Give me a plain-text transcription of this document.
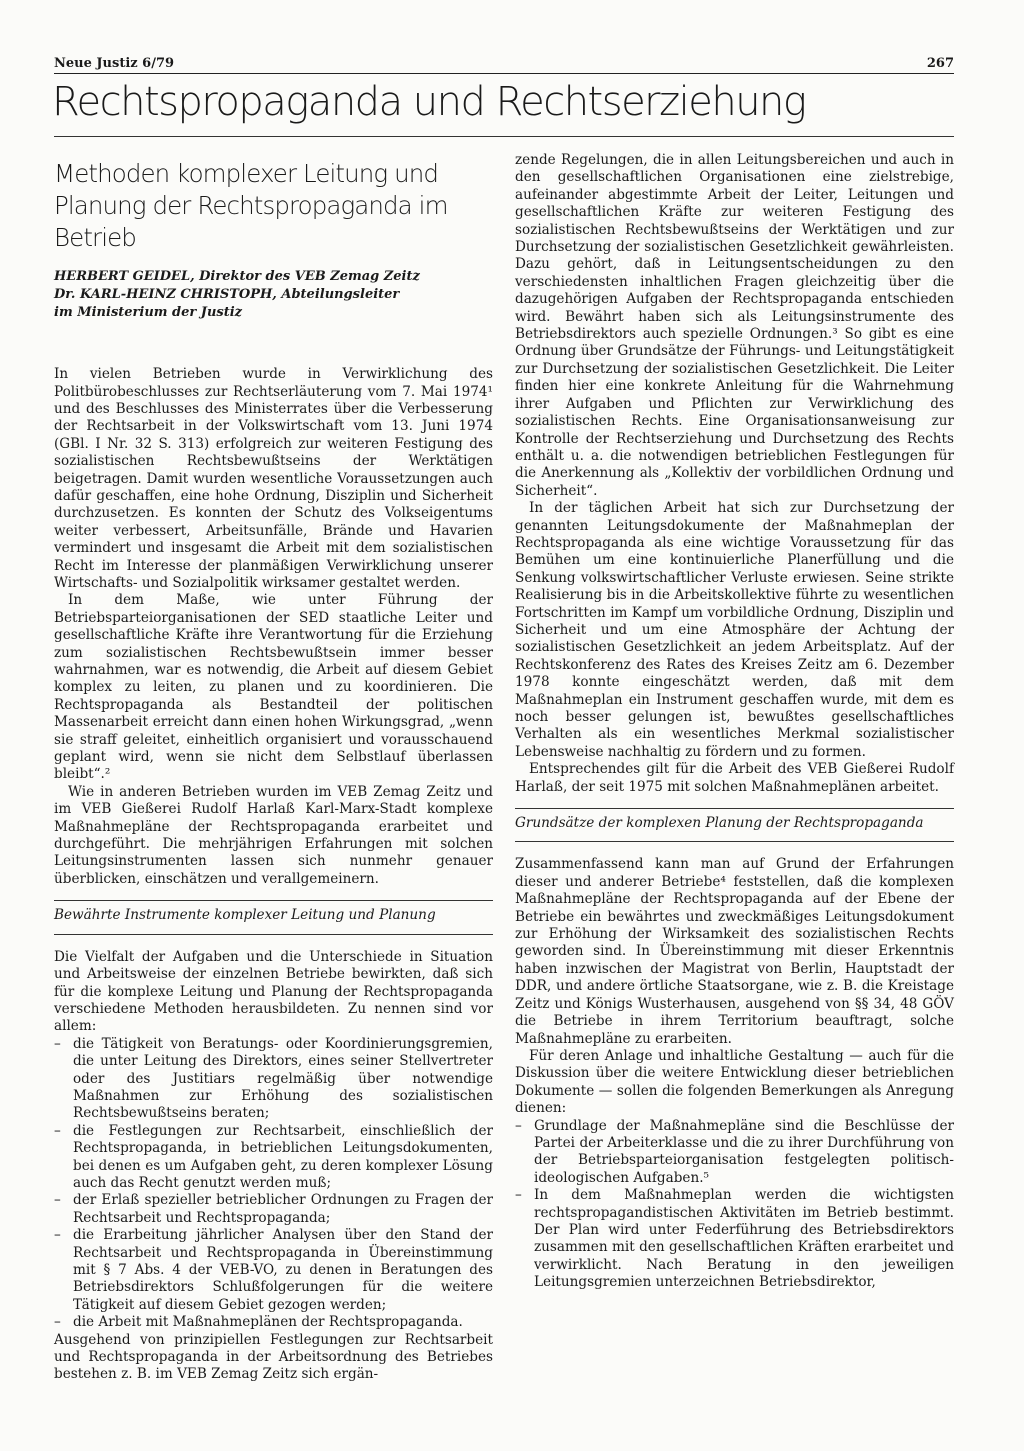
Neue Justiz 6/79	267
Rechtspropaganda und Rechtserziehung
Methoden komplexer Leitung und Planung der Rechtspropaganda im Betrieb
HERBERT GEIDEL, Direktor des VEB Zemag Zeitz
Dr. KARL-HEINZ CHRISTOPH, Abteilungsleiter
im Ministerium der Justiz

In vielen Betrieben wurde in Verwirklichung des Politbürobeschlusses zur Rechtserläuterung vom 7. Mai 1974¹ und des Beschlusses des Ministerrates über die Verbesserung der Rechtsarbeit in der Volkswirtschaft vom 13. Juni 1974 (GBl. I Nr. 32 S. 313) erfolgreich zur weiteren Festigung des sozialistischen Rechtsbewußtseins der Werktätigen beigetragen. Damit wurden wesentliche Voraussetzungen auch dafür geschaffen, eine hohe Ordnung, Disziplin und Sicherheit durchzusetzen. Es konnten der Schutz des Volkseigentums weiter verbessert, Arbeitsunfälle, Brände und Havarien vermindert und insgesamt die Arbeit mit dem sozialistischen Recht im Interesse der planmäßigen Verwirklichung unserer Wirtschafts- und Sozialpolitik wirksamer gestaltet werden.

In dem Maße, wie unter Führung der Betriebsparteiorganisationen der SED staatliche Leiter und gesellschaftliche Kräfte ihre Verantwortung für die Erziehung zum sozialistischen Rechtsbewußtsein immer besser wahrnahmen, war es notwendig, die Arbeit auf diesem Gebiet komplex zu leiten, zu planen und zu koordinieren. Die Rechtspropaganda als Bestandteil der politischen Massenarbeit erreicht dann einen hohen Wirkungsgrad, „wenn sie straff geleitet, einheitlich organisiert und vorausschauend geplant wird, wenn sie nicht dem Selbstlauf überlassen bleibt“.²

Wie in anderen Betrieben wurden im VEB Zemag Zeitz und im VEB Gießerei Rudolf Harlaß Karl-Marx-Stadt komplexe Maßnahmepläne der Rechtspropaganda erarbeitet und durchgeführt. Die mehrjährigen Erfahrungen mit solchen Leitungsinstrumenten lassen sich nunmehr genauer überblicken, einschätzen und verallgemeinern.

Bewährte Instrumente komplexer Leitung und Planung

Die Vielfalt der Aufgaben und die Unterschiede in Situation und Arbeitsweise der einzelnen Betriebe bewirkten, daß sich für die komplexe Leitung und Planung der Rechtspropaganda verschiedene Methoden herausbildeten. Zu nennen sind vor allem:

– die Tätigkeit von Beratungs- oder Koordinierungsgremien, die unter Leitung des Direktors, eines seiner Stellvertreter oder des Justitiars regelmäßig über notwendige Maßnahmen zur Erhöhung des sozialistischen Rechtsbewußtseins beraten;
– die Festlegungen zur Rechtsarbeit, einschließlich der Rechtspropaganda, in betrieblichen Leitungsdokumenten, bei denen es um Aufgaben geht, zu deren komplexer Lösung auch das Recht genutzt werden muß;
– der Erlaß spezieller betrieblicher Ordnungen zu Fragen der Rechtsarbeit und Rechtspropaganda;
– die Erarbeitung jährlicher Analysen über den Stand der Rechtsarbeit und Rechtspropaganda in Übereinstimmung mit § 7 Abs. 4 der VEB-VO, zu denen in Beratungen des Betriebsdirektors Schlußfolgerungen für die weitere Tätigkeit auf diesem Gebiet gezogen werden;
– die Arbeit mit Maßnahmeplänen der Rechtspropaganda.

Ausgehend von prinzipiellen Festlegungen zur Rechtsarbeit und Rechtspropaganda in der Arbeitsordnung des Betriebes bestehen z. B. im VEB Zemag Zeitz sich ergän-

zende Regelungen, die in allen Leitungsbereichen und auch in den gesellschaftlichen Organisationen eine zielstrebige, aufeinander abgestimmte Arbeit der Leiter, Leitungen und gesellschaftlichen Kräfte zur weiteren Festigung des sozialistischen Rechtsbewußtseins der Werktätigen und zur Durchsetzung der sozialistischen Gesetzlichkeit gewährleisten. Dazu gehört, daß in Leitungsentscheidungen zu den verschiedensten inhaltlichen Fragen gleichzeitig über die dazugehörigen Aufgaben der Rechtspropaganda entschieden wird. Bewährt haben sich als Leitungsinstrumente des Betriebsdirektors auch spezielle Ordnungen.³ So gibt es eine Ordnung über Grundsätze der Führungs- und Leitungstätigkeit zur Durchsetzung der sozialistischen Gesetzlichkeit. Die Leiter finden hier eine konkrete Anleitung für die Wahrnehmung ihrer Aufgaben und Pflichten zur Verwirklichung des sozialistischen Rechts. Eine Organisationsanweisung zur Kontrolle der Rechtserziehung und Durchsetzung des Rechts enthält u. a. die notwendigen betrieblichen Festlegungen für die Anerkennung als „Kollektiv der vorbildlichen Ordnung und Sicherheit“.

In der täglichen Arbeit hat sich zur Durchsetzung der genannten Leitungsdokumente der Maßnahmeplan der Rechtspropaganda als eine wichtige Voraussetzung für das Bemühen um eine kontinuierliche Planerfüllung und die Senkung volkswirtschaftlicher Verluste erwiesen. Seine strikte Realisierung bis in die Arbeitskollektive führte zu wesentlichen Fortschritten im Kampf um vorbildliche Ordnung, Disziplin und Sicherheit und um eine Atmosphäre der Achtung der sozialistischen Gesetzlichkeit an jedem Arbeitsplatz. Auf der Rechtskonferenz des Rates des Kreises Zeitz am 6. Dezember 1978 konnte eingeschätzt werden, daß mit dem Maßnahmeplan ein Instrument geschaffen wurde, mit dem es noch besser gelungen ist, bewußtes gesellschaftliches Verhalten als ein wesentliches Merkmal sozialistischer Lebensweise nachhaltig zu fördern und zu formen.

Entsprechendes gilt für die Arbeit des VEB Gießerei Rudolf Harlaß, der seit 1975 mit solchen Maßnahmeplänen arbeitet.

Grundsätze der komplexen Planung der Rechtspropaganda

Zusammenfassend kann man auf Grund der Erfahrungen dieser und anderer Betriebe⁴ feststellen, daß die komplexen Maßnahmepläne der Rechtspropaganda auf der Ebene der Betriebe ein bewährtes und zweckmäßiges Leitungsdokument zur Erhöhung der Wirksamkeit des sozialistischen Rechts geworden sind. In Übereinstimmung mit dieser Erkenntnis haben inzwischen der Magistrat von Berlin, Hauptstadt der DDR, und andere örtliche Staatsorgane, wie z. B. die Kreistage Zeitz und Königs Wusterhausen, ausgehend von §§ 34, 48 GÖV die Betriebe in ihrem Territorium beauftragt, solche Maßnahmepläne zu erarbeiten.

Für deren Anlage und inhaltliche Gestaltung — auch für die Diskussion über die weitere Entwicklung dieser betrieblichen Dokumente — sollen die folgenden Bemerkungen als Anregung dienen:

– Grundlage der Maßnahmepläne sind die Beschlüsse der Partei der Arbeiterklasse und die zu ihrer Durchführung von der Betriebsparteiorganisation festgelegten politisch-ideologischen Aufgaben.⁵
– In dem Maßnahmeplan werden die wichtigsten rechtspropagandistischen Aktivitäten im Betrieb bestimmt. Der Plan wird unter Federführung des Betriebsdirektors zusammen mit den gesellschaftlichen Kräften erarbeitet und verwirklicht. Nach Beratung in den jeweiligen Leitungsgremien unterzeichnen Betriebsdirektor,
